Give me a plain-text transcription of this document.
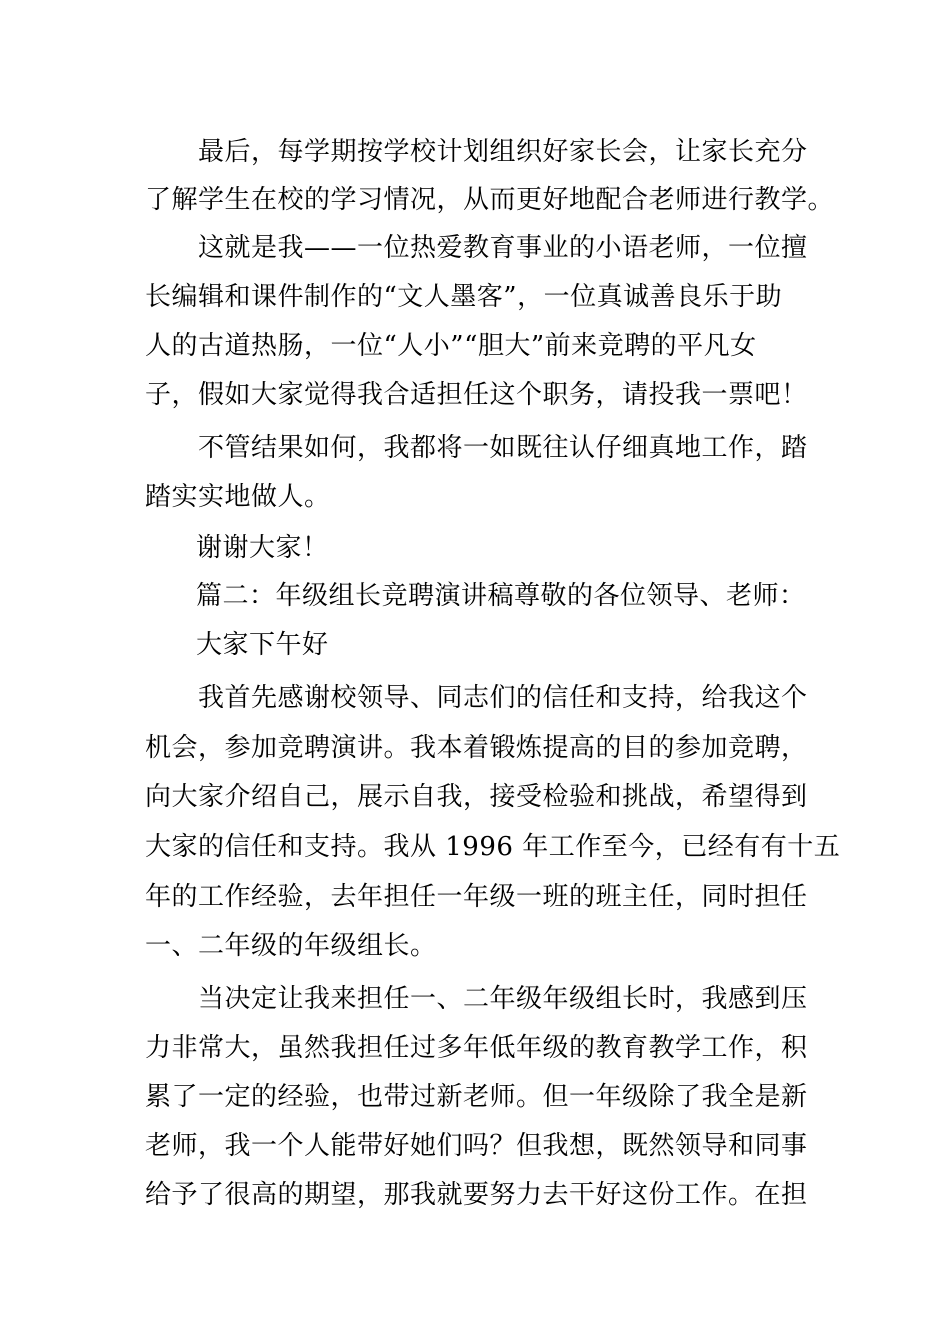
最后，每学期按学校计划组织好家长会，让家长充分
了解学生在校的学习情况，从而更好地配合老师进行教学。
这就是我——一位热爱教育事业的小语老师，一位擅
长编辑和课件制作的“文人墨客”，一位真诚善良乐于助
人的古道热肠，一位“人小”“胆大”前来竞聘的平凡女
子，假如大家觉得我合适担任这个职务，请投我一票吧！
不管结果如何，我都将一如既往认仔细真地工作，踏
踏实实地做人。
谢谢大家！
篇二：年级组长竞聘演讲稿尊敬的各位领导、老师：
大家下午好
我首先感谢校领导、同志们的信任和支持，给我这个
机会，参加竞聘演讲。我本着锻炼提高的目的参加竞聘，
向大家介绍自己，展示自我，接受检验和挑战，希望得到
大家的信任和支持。我从 1996 年工作至今，已经有有十五
年的工作经验，去年担任一年级一班的班主任，同时担任
一、二年级的年级组长。
当决定让我来担任一、二年级年级组长时，我感到压
力非常大，虽然我担任过多年低年级的教育教学工作，积
累了一定的经验，也带过新老师。但一年级除了我全是新
老师，我一个人能带好她们吗？但我想，既然领导和同事
给予了很高的期望，那我就要努力去干好这份工作。在担
